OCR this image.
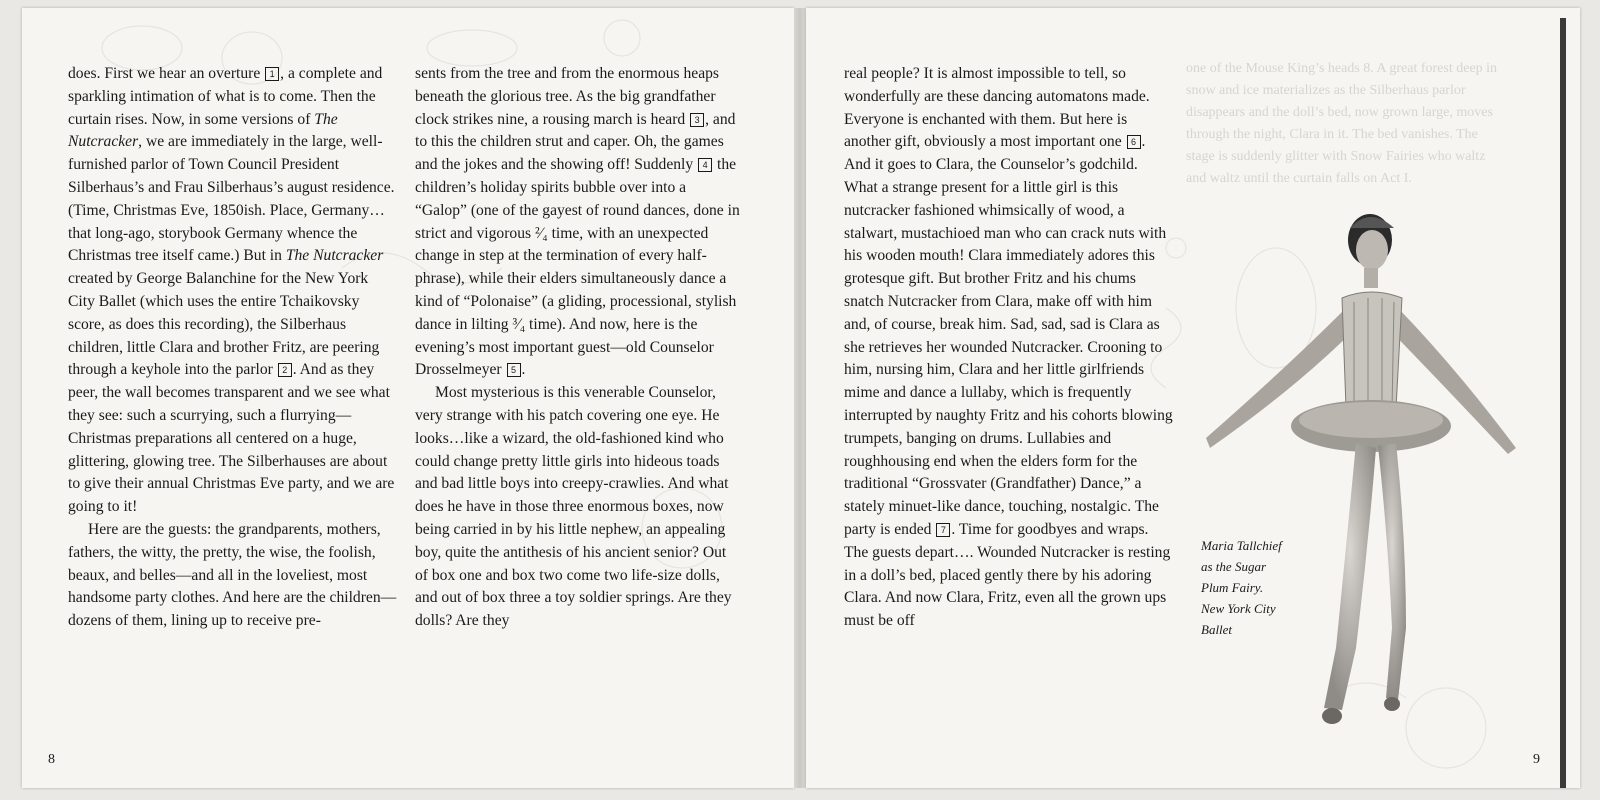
does. First we hear an overture 1 , a complete and sparkling intimation of what is to come. Then the curtain rises. Now, in some versions of The Nutcracker, we are immediately in the large, well-furnished parlor of Town Council President Silberhaus’s and Frau Silberhaus’s august residence. (Time, Christmas Eve, 1850ish. Place, Germany…that long-ago, storybook Germany whence the Christmas tree itself came.) But in The Nutcracker created by George Balanchine for the New York City Ballet (which uses the entire Tchaikovsky score, as does this recording), the Silberhaus children, little Clara and brother Fritz, are peering through a keyhole into the parlor 2 . And as they peer, the wall becomes transparent and we see what they see: such a scurrying, such a flurrying—Christmas preparations all centered on a huge, glittering, glowing tree. The Silberhauses are about to give their annual Christmas Eve party, and we are going to it!

Here are the guests: the grandparents, mothers, fathers, the witty, the pretty, the wise, the foolish, beaux, and belles—and all in the loveliest, most handsome party clothes. And here are the children— dozens of them, lining up to receive pre-

sents from the tree and from the enormous heaps beneath the glorious tree. As the big grandfather clock strikes nine, a rousing march is heard 3 , and to this the children strut and caper. Oh, the games and the jokes and the showing off! Suddenly 4 the children’s holiday spirits bubble over into a “Galop” (one of the gayest of round dances, done in strict and vigorous ²⁄₄ time, with an unexpected change in step at the termination of every half-phrase), while their elders simultaneously dance a kind of “Polonaise” (a gliding, processional, stylish dance in lilting ³⁄₄ time). And now, here is the evening’s most important guest—old Counselor Drosselmeyer 5 .

Most mysterious is this venerable Counselor, very strange with his patch covering one eye. He looks…like a wizard, the old-fashioned kind who could change pretty little girls into hideous toads and bad little boys into creepy-crawlies. And what does he have in those three enormous boxes, now being carried in by his little nephew, an appealing boy, quite the antithesis of his ancient senior? Out of box one and box two come two life-size dolls, and out of box three a toy soldier springs. Are they dolls? Are they

8
one of the Mouse King’s heads 8. A great forest deep in snow and ice materializes as the Silberhaus parlor disappears and the doll’s bed, now grown large, moves through the night, Clara in it. The bed vanishes. The stage is suddenly glitter with Snow Fairies who waltz and waltz until the curtain falls on Act I.

real people? It is almost impossible to tell, so wonderfully are these dancing automatons made. Everyone is enchanted with them. But here is another gift, obviously a most important one 6 . And it goes to Clara, the Counselor’s godchild. What a strange present for a little girl is this nutcracker fashioned whimsically of wood, a stalwart, mustachioed man who can crack nuts with his wooden mouth! Clara immediately adores this grotesque gift. But brother Fritz and his chums snatch Nutcracker from Clara, make off with him and, of course, break him. Sad, sad, sad is Clara as she retrieves her wounded Nutcracker. Crooning to him, nursing him, Clara and her little girlfriends mime and dance a lullaby, which is frequently interrupted by naughty Fritz and his cohorts blowing trumpets, banging on drums. Lullabies and roughhousing end when the elders form for the traditional “Grossvater (Grandfather) Dance,” a stately minuet-like dance, touching, nostalgic. The party is ended 7 . Time for goodbyes and wraps. The guests depart…. Wounded Nutcracker is resting in a doll’s bed, placed gently there by his adoring Clara. And now Clara, Fritz, even all the grown ups must be off

Maria Tallchief
as the Sugar
Plum Fairy.
New York City
Ballet
9
